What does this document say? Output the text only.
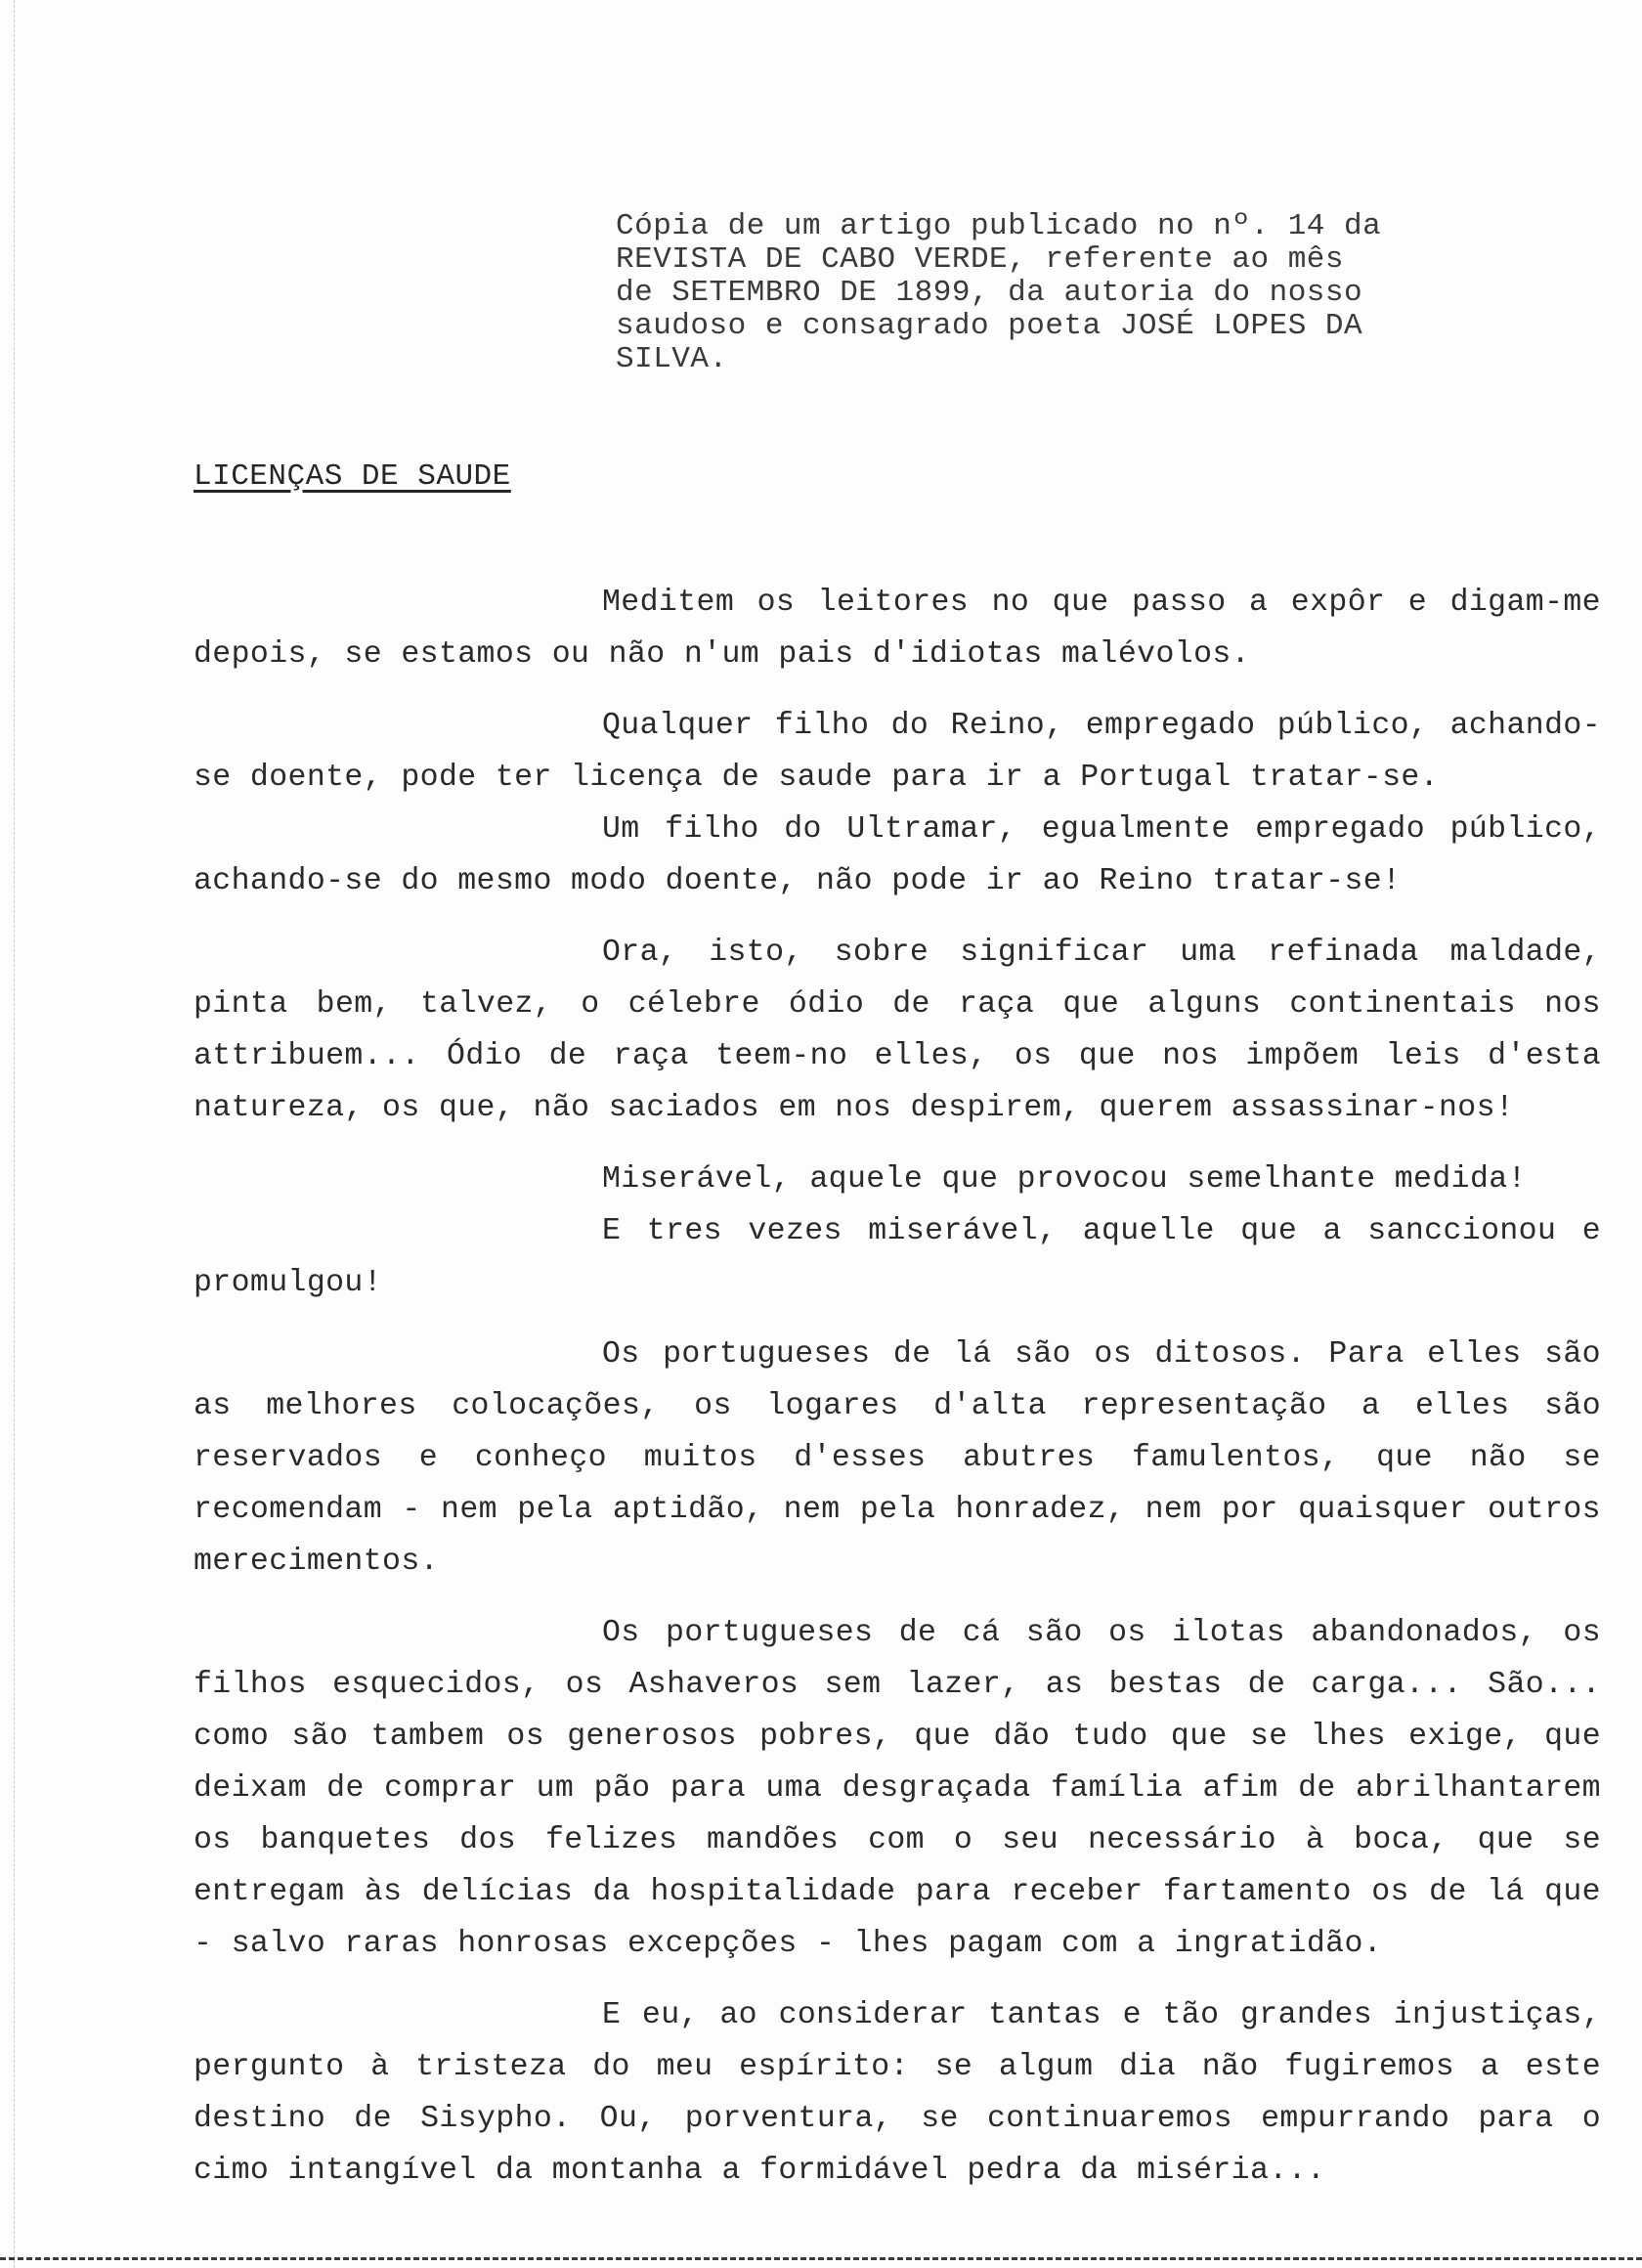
Cópia de um artigo publicado no nº. 14 da
REVISTA DE CABO VERDE, referente ao mês
de SETEMBRO DE 1899, da autoria do nosso
saudoso e consagrado poeta JOSÉ LOPES DA
SILVA.
LICENÇAS DE SAUDE

Meditem os leitores no que passo a expôr e digam-me depois, se estamos ou não n'um pais d'idiotas malévolos.

Qualquer filho do Reino, empregado público, achando-se doente, pode ter licença de saude para ir a Portugal tratar-se.

Um filho do Ultramar, egualmente empregado público, achando-se do mesmo modo doente, não pode ir ao Reino tratar-se!

Ora, isto, sobre significar uma refinada maldade, pinta bem, talvez, o célebre ódio de raça que alguns continentais nos attribuem... Ódio de raça teem-no elles, os que nos impõem leis d'esta natureza, os que, não saciados em nos despirem, querem assassinar-nos!

Miserável, aquele que provocou semelhante medida!

E tres vezes miserável, aquelle que a sanccionou e promulgou!

Os portugueses de lá são os ditosos. Para elles são as melhores colocações, os logares d'alta representação a elles são reservados e conheço muitos d'esses abutres famulentos, que não se recomendam - nem pela aptidão, nem pela honradez, nem por quaisquer outros merecimentos.

Os portugueses de cá são os ilotas abandonados, os filhos esquecidos, os Ashaveros sem lazer, as bestas de carga... São... como são tambem os generosos pobres, que dão tudo que se lhes exige, que deixam de comprar um pão para uma desgraçada família afim de abrilhantarem os banquetes dos felizes mandões com o seu necessário à boca, que se entregam às delícias da hospitalidade para receber fartamento os de lá que - salvo raras honrosas excepções - lhes pagam com a ingratidão.

E eu, ao considerar tantas e tão grandes injustiças, pergunto à tristeza do meu espírito: se algum dia não fugiremos a este destino de Sisypho. Ou, porventura, se continuaremos empurrando para o cimo intangível da montanha a formidável pedra da miséria...
